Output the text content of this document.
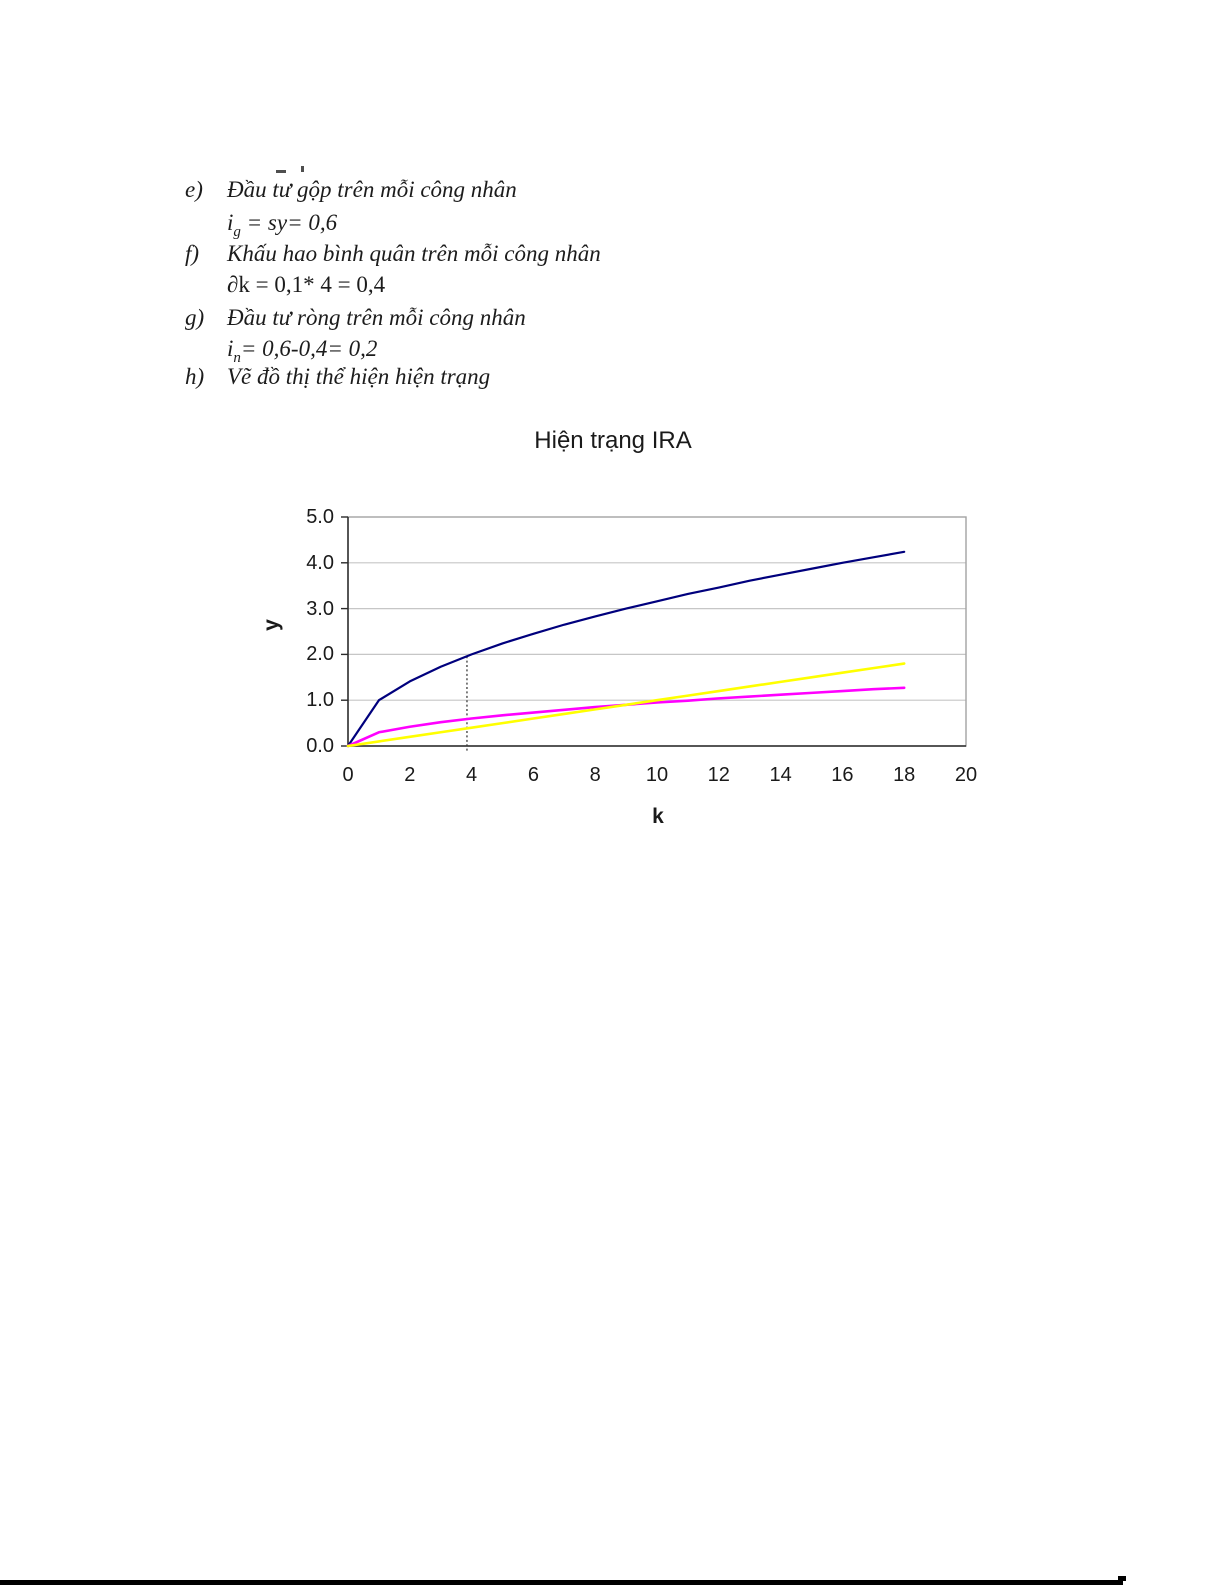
e) Đầu tư gộp trên mỗi công nhân
$i_g = sy= 0,6$
f) Khấu hao bình quân trên mỗi công nhân
∂k = 0,1* 4 = 0,4
g) Đầu tư ròng trên mỗi công nhân
$i_n= 0,6-0,4= 0,2$
h) Vẽ đồ thị thể hiện hiện trạng
Hiện trạng IRA
y
k
0	2	4	6	8	10	12	14	16	18	20
0.0
1.0
2.0
3.0
4.0
5.0
